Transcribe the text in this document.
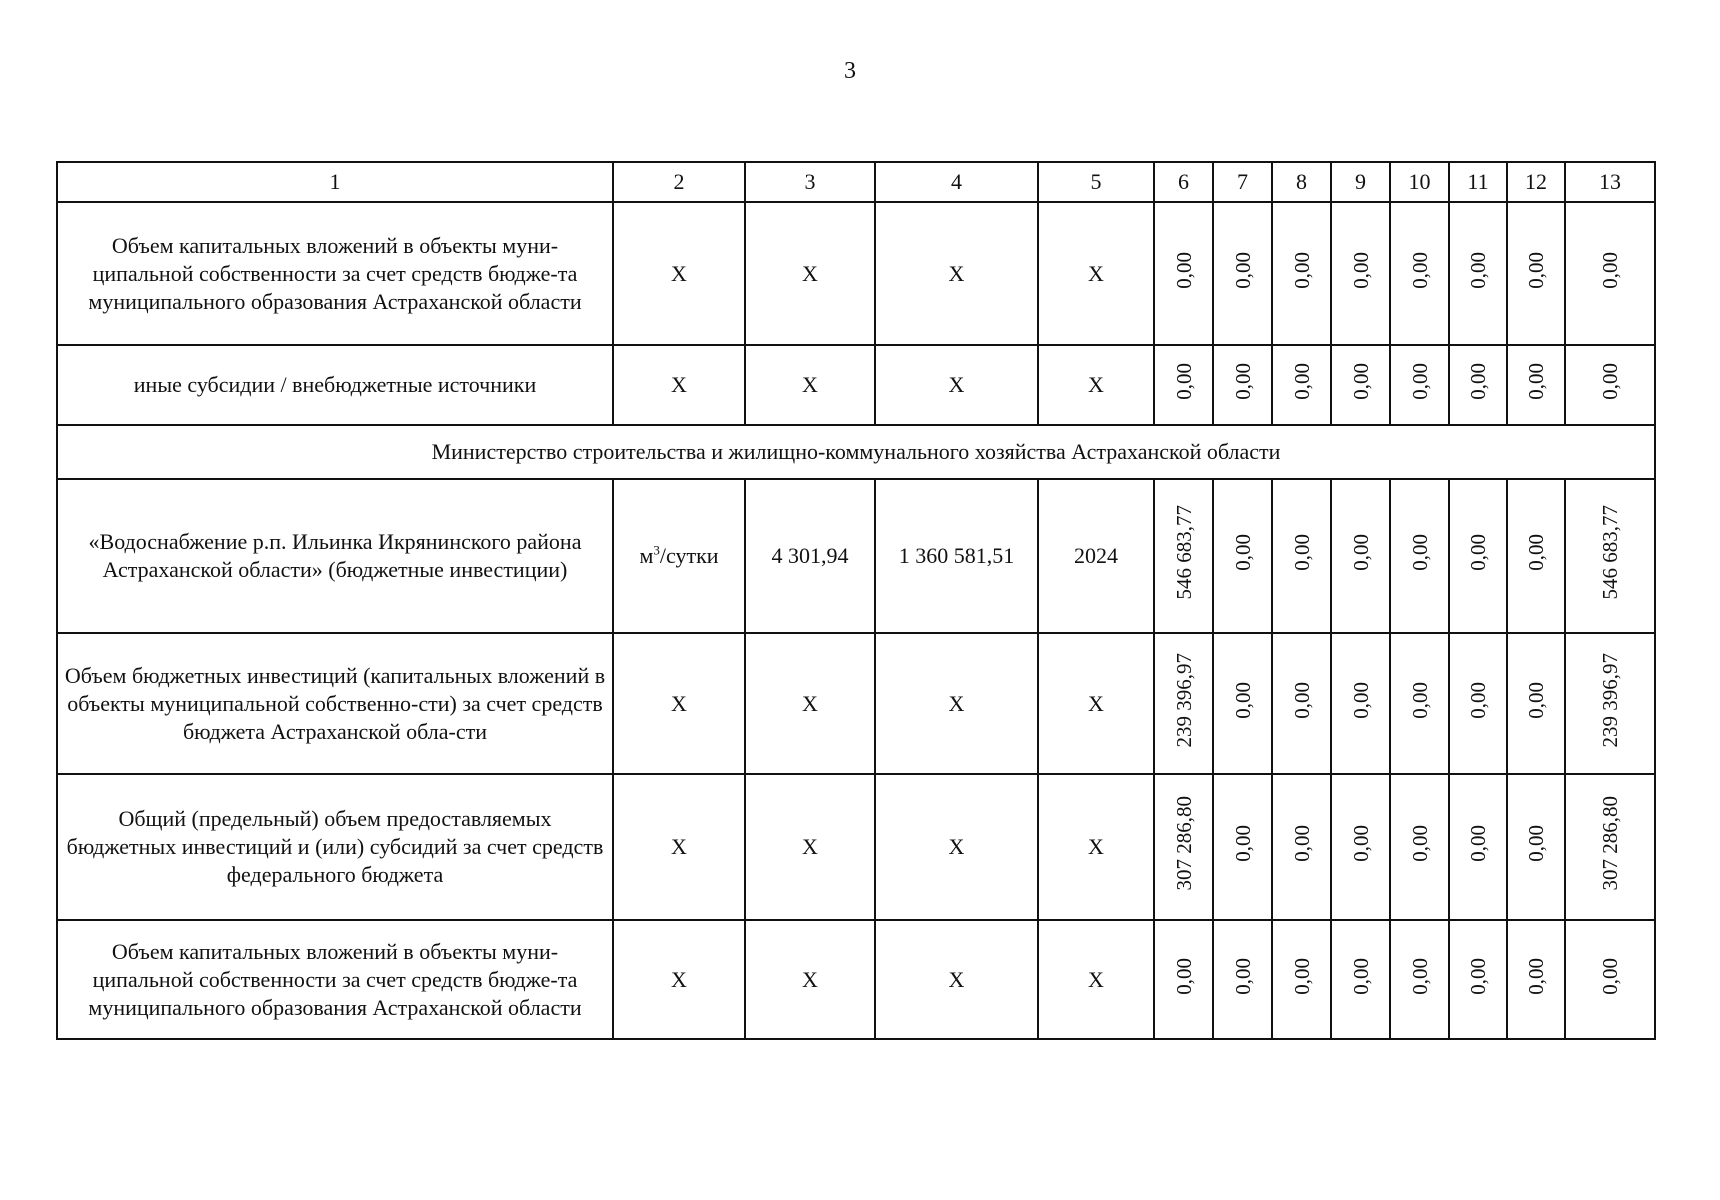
3
1	2	3	4	5	6	7	8	9	10	11	12	13
Объем капитальных вложений в объекты муни-ципальной собственности за счет средств бюдже-та муниципального образования Астраханской области	X	X	X	X	0,00	0,00	0,00	0,00	0,00	0,00	0,00	0,00
иные субсидии / внебюджетные источники	X	X	X	X	0,00	0,00	0,00	0,00	0,00	0,00	0,00	0,00
Министерство строительства и жилищно-коммунального хозяйства Астраханской области												
«Водоснабжение р.п. Ильинка Икрянинского района Астраханской области» (бюджетные инвестиции)	$м^3$/сутки	4 301,94	1 360 581,51	2024	546 683,77	0,00	0,00	0,00	0,00	0,00	0,00	546 683,77
Объем бюджетных инвестиций (капитальных вложений в объекты муниципальной собственно-сти) за счет средств бюджета Астраханской обла-сти	X	X	X	X	239 396,97	0,00	0,00	0,00	0,00	0,00	0,00	239 396,97
Общий (предельный) объем предоставляемых бюджетных инвестиций и (или) субсидий за счет средств федерального бюджета	X	X	X	X	307 286,80	0,00	0,00	0,00	0,00	0,00	0,00	307 286,80
Объем капитальных вложений в объекты муни-ципальной собственности за счет средств бюдже-та муниципального образования Астраханской области	X	X	X	X	0,00	0,00	0,00	0,00	0,00	0,00	0,00	0,00
